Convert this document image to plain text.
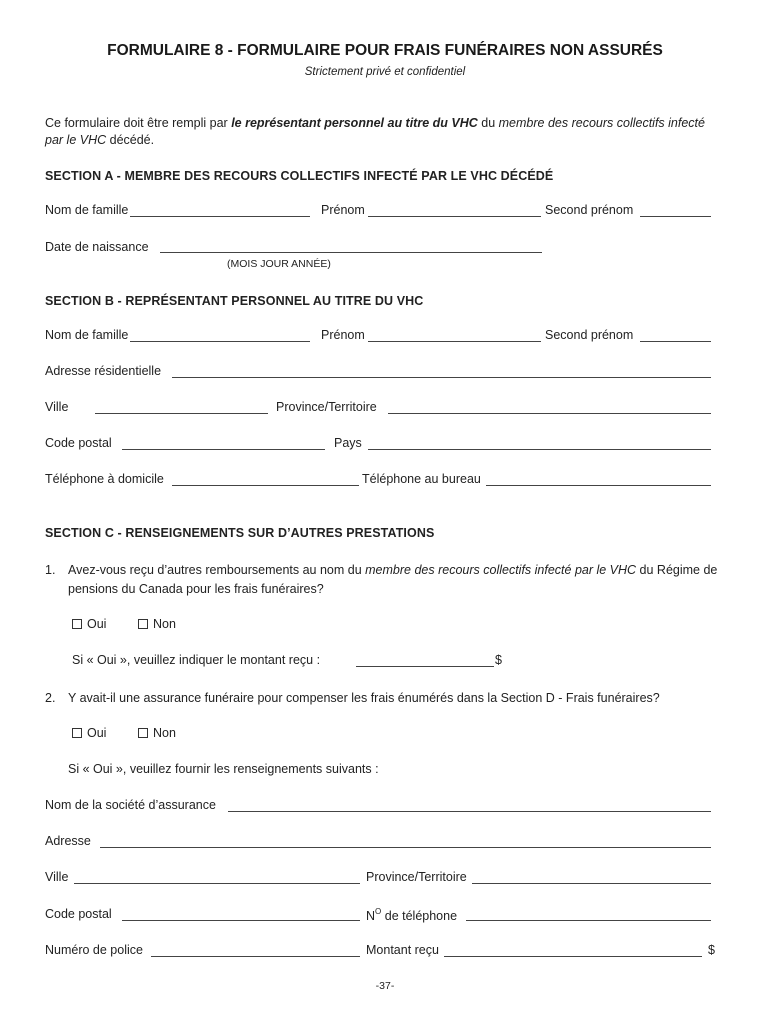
FORMULAIRE 8 - FORMULAIRE POUR FRAIS FUNÉRAIRES NON ASSURÉS
Strictement privé et confidentiel
Ce formulaire doit être rempli par le représentant personnel au titre du VHC du membre des recours collectifs infecté par le VHC décédé.
SECTION A - MEMBRE DES RECOURS COLLECTIFS INFECTÉ PAR LE VHC DÉCÉDÉ
Nom de famille	Prénom	Second prénom
Date de naissance
(MOIS JOUR ANNÉE)
SECTION B - REPRÉSENTANT PERSONNEL AU TITRE DU VHC
Nom de famille	Prénom	Second prénom
Adresse résidentielle
Ville	Province/Territoire
Code postal	Pays
Téléphone à domicile	Téléphone au bureau
SECTION C - RENSEIGNEMENTS SUR D’AUTRES PRESTATIONS
1.	Avez-vous reçu d’autres remboursements au nom du membre des recours collectifs infecté par le VHC du Régime de pensions du Canada pour les frais funéraires?
Oui	Non
Si « Oui », veuillez indiquer le montant reçu :	$
2.	Y avait-il une assurance funéraire pour compenser les frais énumérés dans la Section D - Frais funéraires?
Oui	Non
Si « Oui », veuillez fournir les renseignements suivants :
Nom de la société d’assurance
Adresse
Ville	Province/Territoire
Code postal	$N^O$ de téléphone
Numéro de police	Montant reçu	$
-37-
